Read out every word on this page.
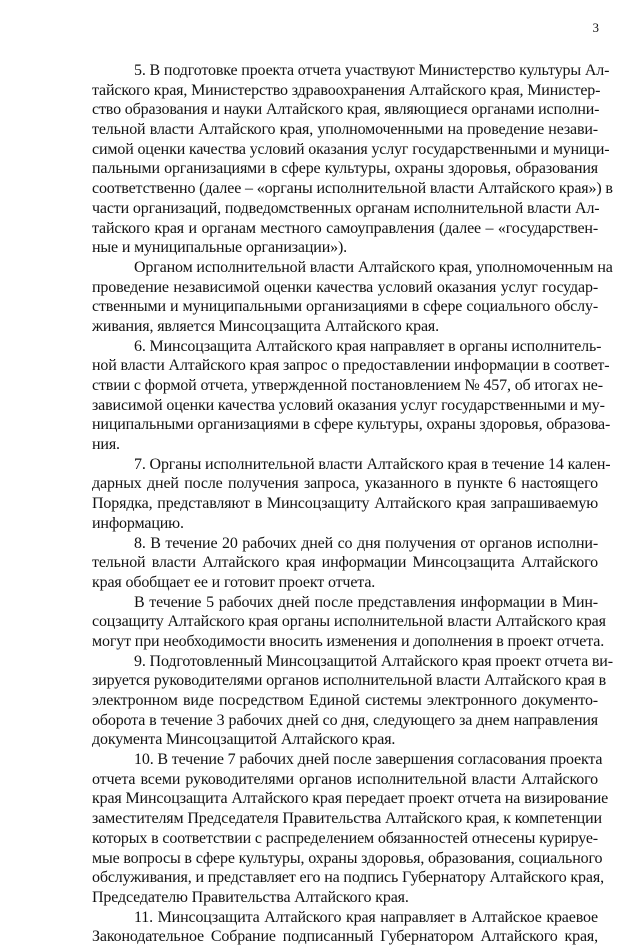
3
5. В подготовке проекта отчета участвуют Министерство культуры Ал-
тайского края, Министерство здравоохранения Алтайского края, Министер-
ство образования и науки Алтайского края, являющиеся органами исполни-
тельной власти Алтайского края, уполномоченными на проведение незави-
симой оценки качества условий оказания услуг государственными и муници-
пальными организациями в сфере культуры, охраны здоровья, образования
соответственно (далее – «органы исполнительной власти Алтайского края») в
части организаций, подведомственных органам исполнительной власти Ал-
тайского края и органам местного самоуправления (далее – «государствен-
ные и муниципальные организации»).
Органом исполнительной власти Алтайского края, уполномоченным на
проведение независимой оценки качества условий оказания услуг государ-
ственными и муниципальными организациями в сфере социального обслу-
живания, является Минсоцзащита Алтайского края.
6. Минсоцзащита Алтайского края направляет в органы исполнитель-
ной власти Алтайского края запрос о предоставлении информации в соответ-
ствии с формой отчета, утвержденной постановлением № 457, об итогах не-
зависимой оценки качества условий оказания услуг государственными и му-
ниципальными организациями в сфере культуры, охраны здоровья, образова-
ния.
7. Органы исполнительной власти Алтайского края в течение 14 кален-
дарных дней после получения запроса, указанного в пункте 6 настоящего
Порядка, представляют в Минсоцзащиту Алтайского края запрашиваемую
информацию.
8. В течение 20 рабочих дней со дня получения от органов исполни-
тельной власти Алтайского края информации Минсоцзащита Алтайского
края обобщает ее и готовит проект отчета.
В течение 5 рабочих дней после представления информации в Мин-
соцзащиту Алтайского края органы исполнительной власти Алтайского края
могут при необходимости вносить изменения и дополнения в проект отчета.
9. Подготовленный Минсоцзащитой Алтайского края проект отчета ви-
зируется руководителями органов исполнительной власти Алтайского края в
электронном виде посредством Единой системы электронного документо-
оборота в течение 3 рабочих дней со дня, следующего за днем направления
документа Минсоцзащитой Алтайского края.
10. В течение 7 рабочих дней после завершения согласования проекта
отчета всеми руководителями органов исполнительной власти Алтайского
края Минсоцзащита Алтайского края передает проект отчета на визирование
заместителям Председателя Правительства Алтайского края, к компетенции
которых в соответствии с распределением обязанностей отнесены курируе-
мые вопросы в сфере культуры, охраны здоровья, образования, социального
обслуживания, и представляет его на подпись Губернатору Алтайского края,
Председателю Правительства Алтайского края.
11. Минсоцзащита Алтайского края направляет в Алтайское краевое
Законодательное Собрание подписанный Губернатором Алтайского края,
